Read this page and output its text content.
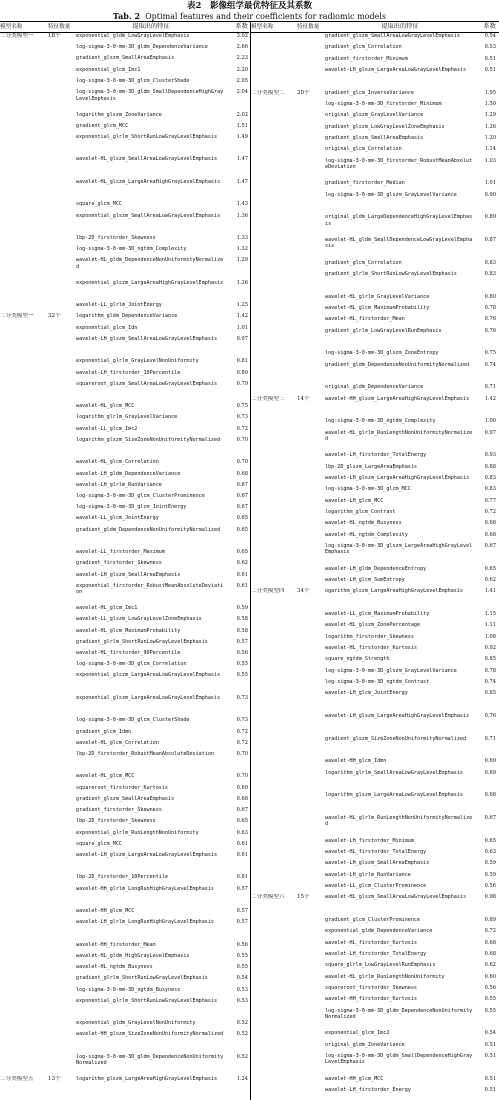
表2　影像组学最优特征及其系数
Tab. 2 Optimal features and their coefficients for radiomic models
模型名称	特征数量	提取出的特征	系数
二分类模型一	18个	exponential_gldm_LowGrayLevelEmphasis	3.02
log-sigma-3-0-mm-3D_gldm_DependenceVariance	2.66
gradient_glszm_SmallAreaEmphasis	2.23
exponential_glcm_Imc1	2.20
log-sigma-3-0-mm-3D_glcm_ClusterShade	2.05
log-sigma-3-0-mm-3D_gldm_SmallDependenceHighGrayLevelEmphasis
2.04
logarithm_glszm_ZoneVariance	2.02
gradient_glcm_MCC	1.51
exponential_glrlm_ShortRunLowGrayLevelEmphasis	1.49
wavelet-HL_glszm_SmallAreaLowGrayLevelEmphasis	1.47
wavelet-HL_glszm_LargeAreaHighGrayLevelEmphasis	1.47
square_glcm_MCC	1.43
exponential_glszm_SmallAreaLowGrayLevelEmphasis	1.36
lbp-2D_firstorder_Skewness	1.33
log-sigma-3-0-mm-3D_ngtdm_Complexity	1.32
wavelet-HL_gldm_DependenceNonUniformityNormalized
1.29
exponential_glszm_LargeAreaHighGrayLevelEmphasis	1.26
wavelet-LL_glrlm_JointEnergy	1.25
二分类模型一	32个	logarithm_gldm_DependenceVariance	1.42
exponential_glcm_Idn	1.01
wavelet-LH_glszm_SmallAreaLowGrayLevelEmphasis	0.97
exponential_glrlm_GrayLevelNonUniformity	0.81
wavelet-LH_firstorder_10Percentile	0.80
squareroot_glszm_SmallAreaLowGrayLevelEmphasis	0.79
wavelet-HL_glcm_MCC	0.75
logarithm_glrlm_GrayLevelVariance	0.73
wavelet-LL_glcm_Imc2	0.72
logarithm_glszm_SizeZoneNonUniformityNormalized	0.70
wavelet-HL_glcm_Correlation	0.70
wavelet-LH_gldm_DependenceVariance	0.68
wavelet-LH_glrlm_RunVariance	0.67
log-sigma-3-0-mm-3D_glcm_ClusterProminence	0.67
log-sigma-3-0-mm-3D_glcm_JointEnergy	0.67
wavelet-LL_glcm_JointEnergy	0.65
gradient_gldm_DependenceNonUniformityNormalized	0.65
wavelet-LL_firstorder_Maximum	0.65
gradient_firstorder_Skewness	0.62
wavelet-LH_glszm_SmallAreaEmphasis	0.61
exponential_firstorder_RobustMeanAbsoluteDeviation
0.61
wavelet-HL_glcm_Imc1	0.59
wavelet-LL_glszm_LowGrayLevelZoneEmphasis	0.58
wavelet-HL_glcm_MaximumProbability	0.58
gradient_glrlm_ShortRunLowGrayLevelEmphasis	0.57
wavelet-HL_firstorder_90Percentile	0.56
log-sigma-3-0-mm-3D_glcm_Correlation	0.55
exponential_glszm_LargeAreaLowGrayLevelEmphasis	0.55
exponential_glszm_LargeAreaLowGrayLevelEmphasis	0.73
log-sigma-3-0-mm-3D_glcm_ClusterShade	0.73
gradient_glcm_Idmn	0.72
wavelet-HL_glcm_Correlation	0.72
lbp-2D_firstorder_RobustMeanAbsoluteDeviation	0.70
wavelet-HL_glcm_MCC	0.70
squareroot_firstorder_Kurtosis	0.69
gradient_glszm_SmallAreaEmphasis	0.68
gradient_firstorder_Skewness	0.67
lbp-2D_firstorder_Skewness	0.65
exponential_glrlm_RunLengthNonUniformity	0.63
square_glcm_MCC	0.61
wavelet-LH_glszm_LargeAreaLowGrayLevelEmphasis	0.61
lbp-2D_firstorder_10Percentile	0.61
wavelet-HH_glrlm_LongRunHighGrayLevelEmphasis	0.57
wavelet-HH_glcm_MCC	0.57
wavelet-LH_glrlm_LongRunHighGrayLevelEmphasis	0.57
wavelet-HH_firstorder_Mean	0.56
wavelet-HL_gldm_HighGrayLevelEmphasis	0.55
wavelet-HL_ngtdm_Busyness	0.55
gradient_glrlm_ShortRunLowGrayLevelEmphasis	0.54
log-sigma-3-0-mm-3D_ngtdm_Busyness	0.53
exponential_glrlm_ShortRunLowGrayLevelEmphasis	0.53
exponential_gldm_GrayLevelNonUniformity	0.52
wavelet-HH_glszm_SizeZoneNonUniformityNormalized	0.52
log-sigma-3-0-mm-3D_gldm_DependenceNonUniformityNormalized
0.52
二分类模型五	13个	logarithm_glszm_LargeAreaHighGrayLevelEmphasis	1.24
模型名称	特征数量	提取出的特征	系数
gradient_glszm_SmallAreaLowGrayLevelEmphasis	0.54
gradient_glcm_Correlation	0.53
gradient_firstorder_Minimum	0.51
wavelet-LH_glszm_LargeAreaLowGrayLevelEmphasis	0.51
二分类模型二	20个	gradient_glcm_InverseVariance	1.95
log-sigma-3-0-mm-3D_firstorder_Minimum	1.50
original_glszm_GrayLevelVariance	1.29
gradient_glszm_LowGrayLevelZoneEmphasis	1.26
gradient_glszm_SmallAreaEmphasis	1.20
original_glcm_Correlation	1.14
log-sigma-3-0-mm-3D_firstorder_RobustMeanAbsoluteDeviation
1.03
gradient_firstorder_Median	1.01
log-sigma-3-0-mm-3D_glszm_GrayLevelVariance	0.90
original_gldm_LargeDependenceHighGrayLevelEmphasis
0.89
wavelet-HL_gldm_SmallDependenceLowGrayLevelEmphasis
0.87
gradient_glcm_Correlation	0.83
gradient_glrlm_ShortRunLowGrayLevelEmphasis	0.83
wavelet-HL_glrlm_GrayLevelVariance	0.80
wavelet-HL_glcm_MaximumProbability	0.78
wavelet-HL_firstorder_Mean	0.76
gradient_glrlm_LowGrayLevelRunEmphasis	0.76
log-sigma-3-0-mm-3D_glszm_ZoneEntropy	0.75
gradient_gldm_DependenceNonUniformityNormalized	0.74
original_gldm_DependenceVariance	0.71
二分类模型三	14个	wavelet-HH_glszm_LargeAreaHighGrayLevelEmphasis	1.42
log-sigma-3-0-mm-3D_ngtdm_Complexity	1.00
wavelet-HL_glrlm_RunLengthNonUniformityNormalized
0.97
wavelet-LH_firstorder_TotalEnergy	0.93
lbp-2D_glszm_LargeAreaEmphasis	0.88
wavelet-LH_glszm_LargeAreaHighGrayLevelEmphasis	0.83
log-sigma-3-0-mm-3D_glcm_MCC	0.83
wavelet-LH_glcm_MCC	0.77
logarithm_glcm_Contrast	0.72
wavelet-HL_ngtdm_Busyness	0.68
wavelet-HL_ngtdm_Complexity	0.68
log-sigma-3-0-mm-3D_glszm_LargeAreaHighGrayLevelEmphasis
0.67
wavelet-LH_gldm_DependenceEntropy	0.65
wavelet-LH_glcm_SumEntropy	0.62
二分类模型四	34个	ogarithm_glszm_LargeAreaHighGrayLevelEmphasis	1.41
wavelet-LL_glcm_MaximumProbability	1.15
wavelet-HL_glszm_ZonePercentage	1.11
logarithm_firstorder_Skewness	1.08
wavelet-HL_firstorder_Kurtosis	0.92
square_ngtdm_Strength	0.85
log-sigma-3-0-mm-3D_glszm_GrayLevelVariance	0.78
log-sigma-3-0-mm-3D_ngtdm_Contrast	0.74
wavelet-LH_glcm_JointEnergy	0.85
wavelet-LH_glszm_LargeAreaHighGrayLevelEmphasis	0.76
gradient_glszm_SizeZoneNonUniformityNormalized	0.71
wavelet-HH_glcm_Idmn	0.69
logarithm_glrlm_SmallAreaLowGrayLevelEmphasis	0.69
logarithm_glszm_LargeAreaLowGrayLevelEmphasis	0.68
wavelet-HL_glrlm_RunLengthNonUniformityNormalized
0.67
wavelet-LH_firstorder_Minimum	0.65
wavelet-HL_firstorder_TotalEnergy	0.63
wavelet-LH_glszm_SmallAreaEmphasis	0.59
wavelet-LH_glrlm_RunVariance	0.59
wavelet-LL_glcm_ClusterProminence	0.56
二分类模型六	15个	wavelet-HL_glszm_SmallAreaLowGrayLevelEmphasis	0.98
gradient_glcm_ClusterProminence	0.89
exponential_gldm_DependenceVariance	0.72
wavelet-HL_firstorder_Kurtosis	0.68
wavelet-LH_firstorder_TotalEnergy	0.68
square_glrlm_LowGrayLevelRunEmphasis	0.62
wavelet-HL_glrlm_RunLengthNonUniformity	0.60
squareroot_firstorder_Skewness	0.56
wavelet-HH_firstorder_Kurtosis	0.55
log-sigma-3-0-mm-3D_gldm_DependenceNonUniformityNormalized
0.55
exponential_glcm_Imc2	0.54
original_gldm_ZoneVariance	0.51
log-sigma-3-0-mm-3D_gldm_SmallDependenceHighGrayLevelEmphasis
0.51
wavelet-HH_glcm_MCC	0.51
wavelet-LH_firstorder_Energy	0.51
